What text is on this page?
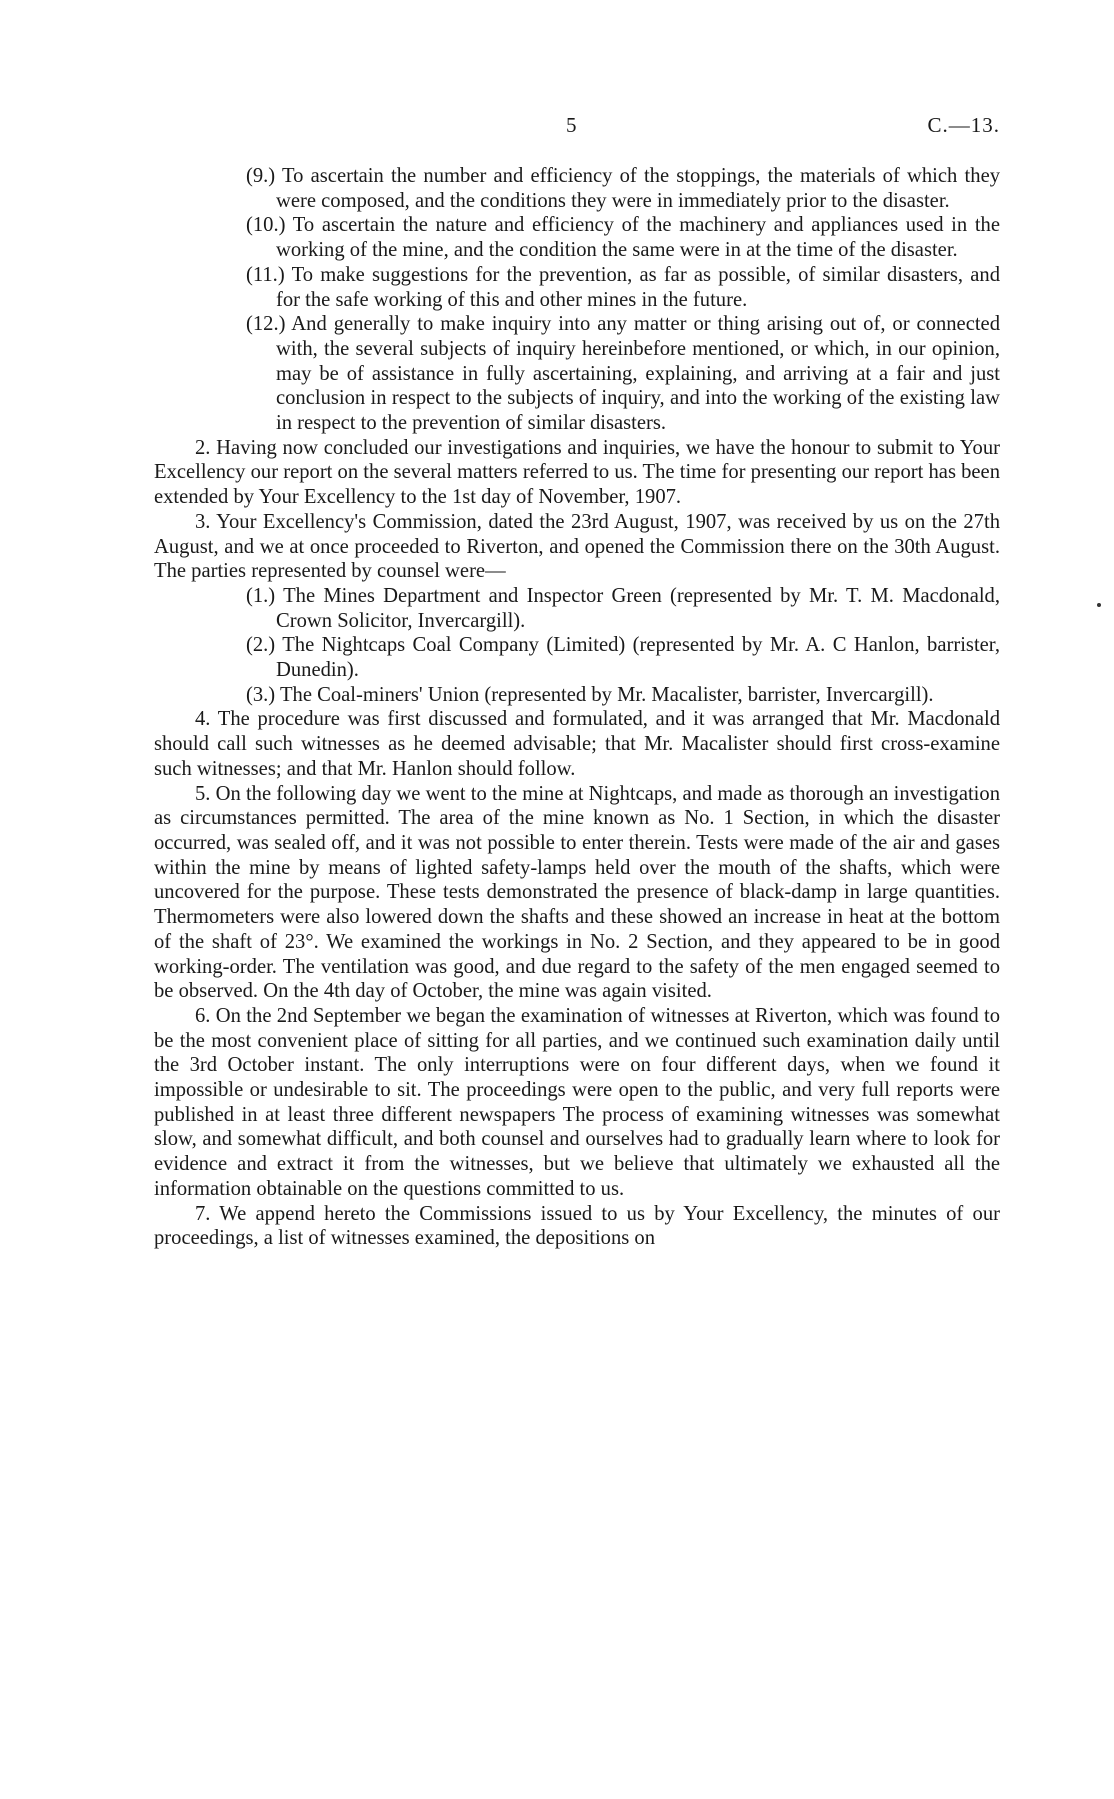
5	C.—13.

(9.) To ascertain the number and efficiency of the stoppings, the materials of which they were composed, and the conditions they were in immediately prior to the disaster.

(10.) To ascertain the nature and efficiency of the machinery and appliances used in the working of the mine, and the condition the same were in at the time of the disaster.

(11.) To make suggestions for the prevention, as far as possible, of similar disasters, and for the safe working of this and other mines in the future.

(12.) And generally to make inquiry into any matter or thing arising out of, or connected with, the several subjects of inquiry hereinbefore mentioned, or which, in our opinion, may be of assistance in fully ascertaining, explaining, and arriving at a fair and just conclusion in respect to the subjects of inquiry, and into the working of the existing law in respect to the prevention of similar disasters.

2. Having now concluded our investigations and inquiries, we have the honour to submit to Your Excellency our report on the several matters referred to us. The time for presenting our report has been extended by Your Excellency to the 1st day of November, 1907.

3. Your Excellency's Commission, dated the 23rd August, 1907, was received by us on the 27th August, and we at once proceeded to Riverton, and opened the Commission there on the 30th August. The parties represented by counsel were—

(1.) The Mines Department and Inspector Green (represented by Mr. T. M. Macdonald, Crown Solicitor, Invercargill).

(2.) The Nightcaps Coal Company (Limited) (represented by Mr. A. C Hanlon, barrister, Dunedin).

(3.) The Coal-miners' Union (represented by Mr. Macalister, barrister, Invercargill).

4. The procedure was first discussed and formulated, and it was arranged that Mr. Macdonald should call such witnesses as he deemed advisable; that Mr. Macalister should first cross-examine such witnesses; and that Mr. Hanlon should follow.

5. On the following day we went to the mine at Nightcaps, and made as thorough an investigation as circumstances permitted. The area of the mine known as No. 1 Section, in which the disaster occurred, was sealed off, and it was not possible to enter therein. Tests were made of the air and gases within the mine by means of lighted safety-lamps held over the mouth of the shafts, which were uncovered for the purpose. These tests demonstrated the presence of black-damp in large quantities. Thermometers were also lowered down the shafts and these showed an increase in heat at the bottom of the shaft of 23°. We examined the workings in No. 2 Section, and they appeared to be in good working-order. The ventilation was good, and due regard to the safety of the men engaged seemed to be observed. On the 4th day of October, the mine was again visited.

6. On the 2nd September we began the examination of witnesses at Riverton, which was found to be the most convenient place of sitting for all parties, and we continued such examination daily until the 3rd October instant. The only interruptions were on four different days, when we found it impossible or undesirable to sit. The proceedings were open to the public, and very full reports were published in at least three different newspapers The process of examining witnesses was somewhat slow, and somewhat difficult, and both counsel and ourselves had to gradually learn where to look for evidence and extract it from the witnesses, but we believe that ultimately we exhausted all the information obtainable on the questions committed to us.

7. We append hereto the Commissions issued to us by Your Excellency, the minutes of our proceedings, a list of witnesses examined, the depositions on
